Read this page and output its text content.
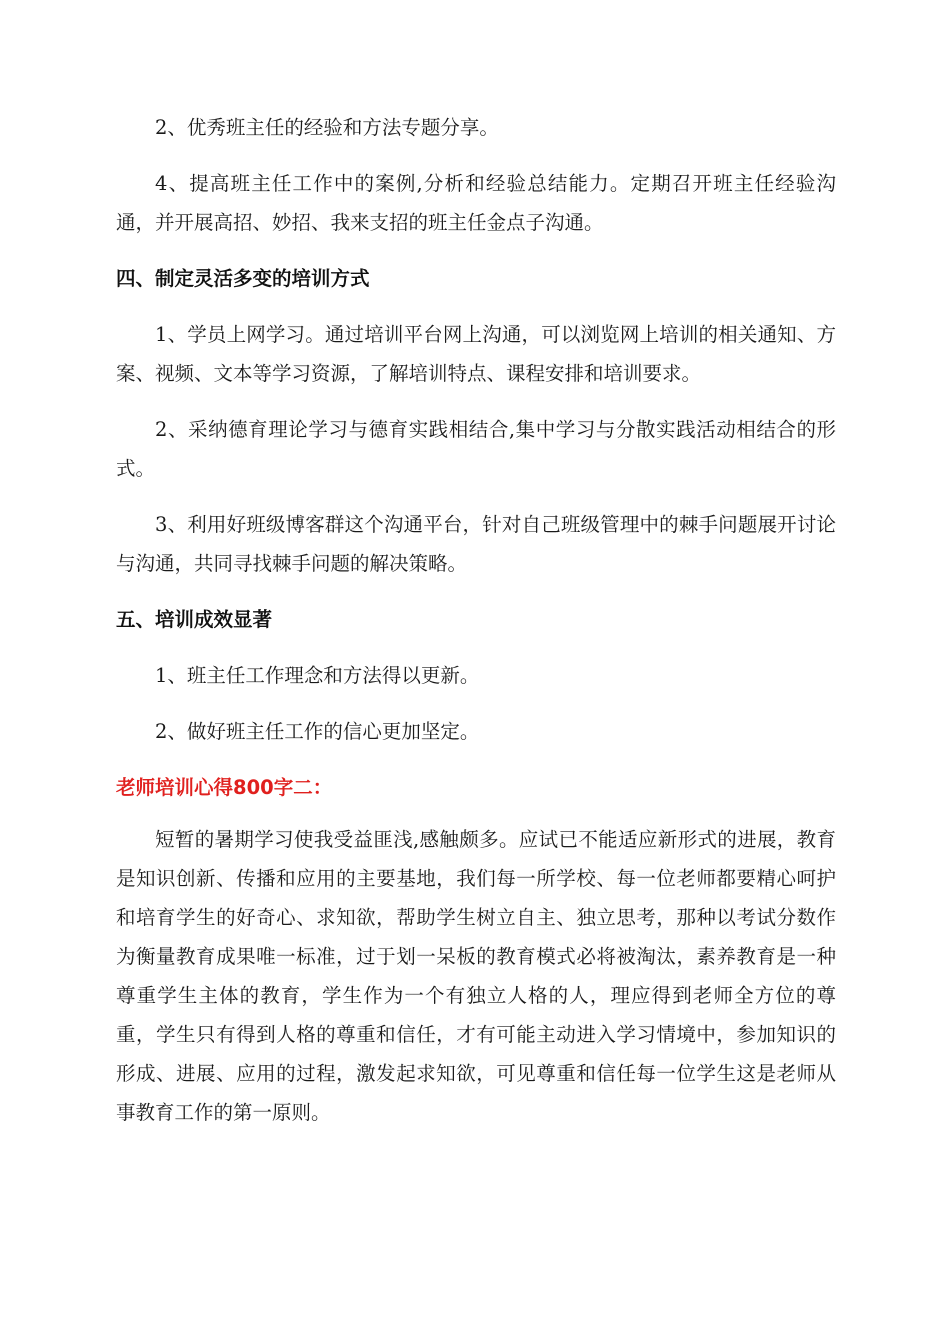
2、优秀班主任的经验和方法专题分享。

4、提高班主任工作中的案例,分析和经验总结能力。定期召开班主任经验沟通，并开展高招、妙招、我来支招的班主任金点子沟通。

四、制定灵活多变的培训方式

1、学员上网学习。通过培训平台网上沟通，可以浏览网上培训的相关通知、方案、视频、文本等学习资源，了解培训特点、课程安排和培训要求。

2、采纳德育理论学习与德育实践相结合,集中学习与分散实践活动相结合的形式。

3、利用好班级博客群这个沟通平台，针对自己班级管理中的棘手问题展开讨论与沟通，共同寻找棘手问题的解决策略。

五、培训成效显著

1、班主任工作理念和方法得以更新。

2、做好班主任工作的信心更加坚定。

老师培训心得800字二：

短暂的暑期学习使我受益匪浅,感触颇多。应试已不能适应新形式的进展，教育是知识创新、传播和应用的主要基地，我们每一所学校、每一位老师都要精心呵护和培育学生的好奇心、求知欲，帮助学生树立自主、独立思考，那种以考试分数作为衡量教育成果唯一标准，过于划一呆板的教育模式必将被淘汰，素养教育是一种尊重学生主体的教育，学生作为一个有独立人格的人，理应得到老师全方位的尊重，学生只有得到人格的尊重和信任，才有可能主动进入学习情境中，参加知识的形成、进展、应用的过程，激发起求知欲，可见尊重和信任每一位学生这是老师从事教育工作的第一原则。
